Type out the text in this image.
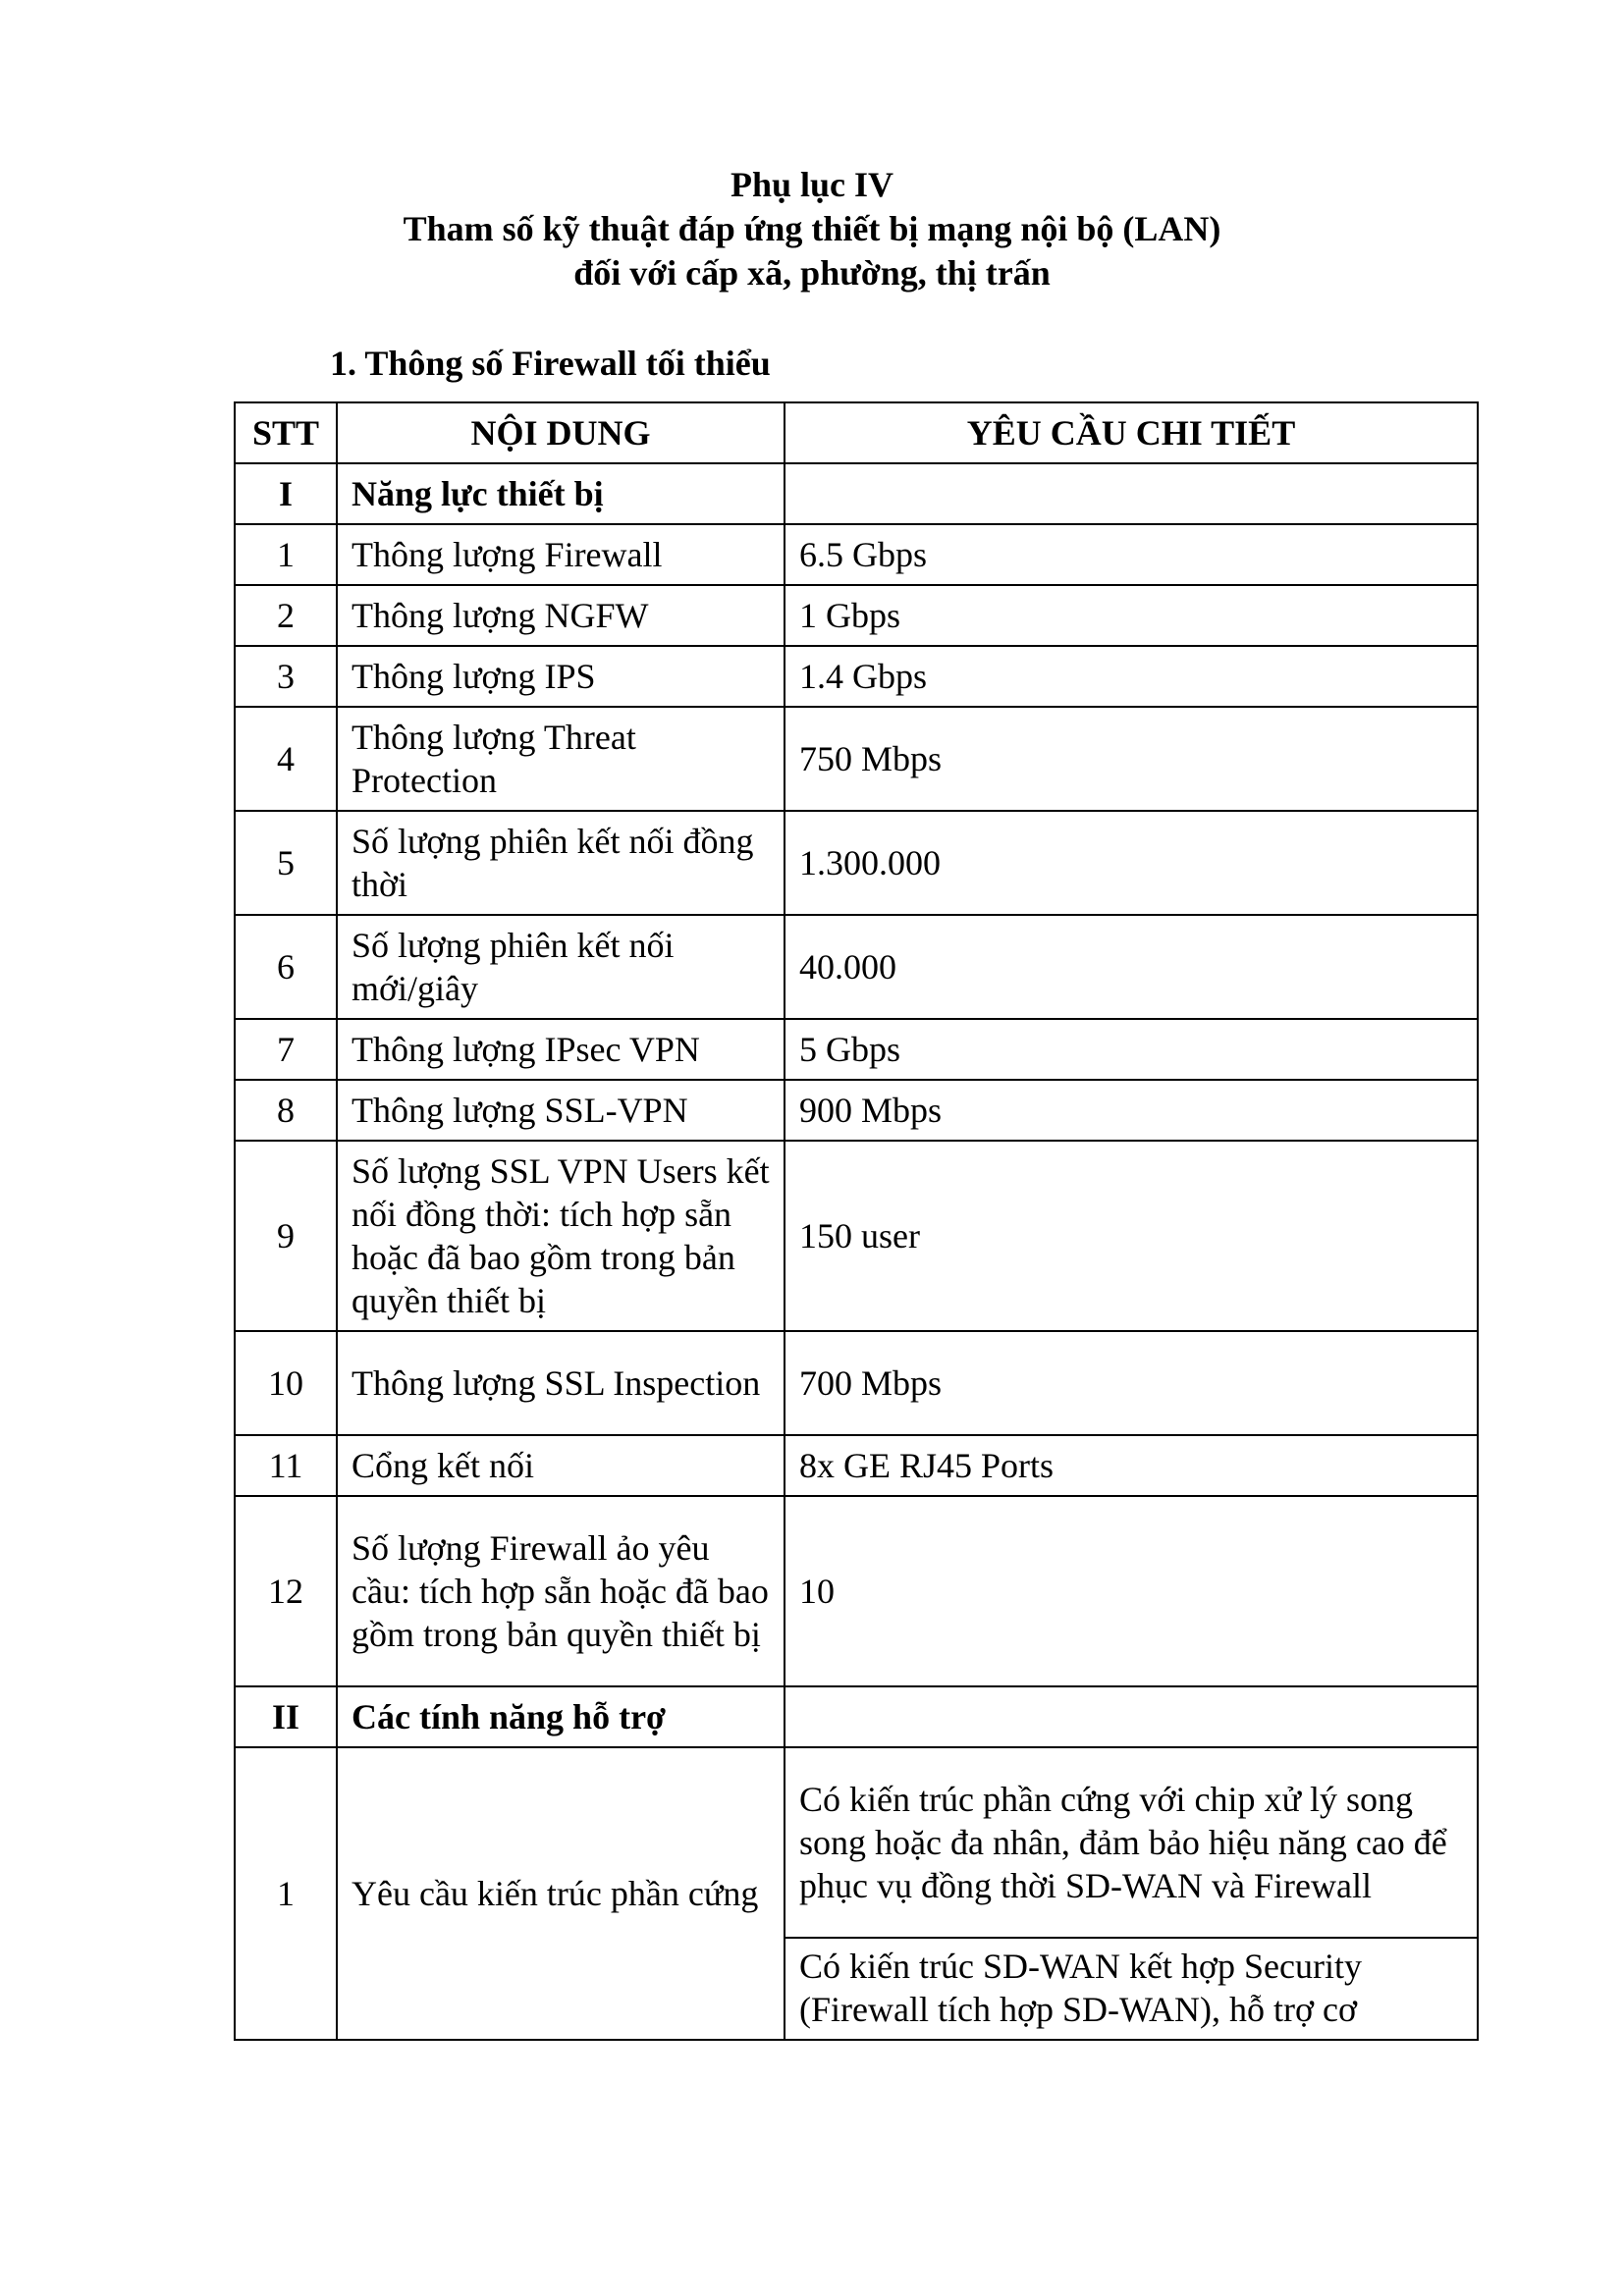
Phụ lục IV
Tham số kỹ thuật đáp ứng thiết bị mạng nội bộ (LAN)
đối với cấp xã, phường, thị trấn
1. Thông số Firewall tối thiểu
STT	NỘI DUNG	YÊU CẦU CHI TIẾT
I	Năng lực thiết bị	
1	Thông lượng Firewall	6.5 Gbps
2	Thông lượng NGFW	1 Gbps
3	Thông lượng IPS	1.4 Gbps
4	Thông lượng Threat Protection	750 Mbps
5	Số lượng phiên kết nối đồng thời	1.300.000
6	Số lượng phiên kết nối mới/giây	40.000
7	Thông lượng IPsec VPN	5 Gbps
8	Thông lượng SSL-VPN	900 Mbps
9	Số lượng SSL VPN Users kết nối đồng thời: tích hợp sẵn hoặc đã bao gồm trong bản quyền thiết bị	150 user
10	Thông lượng SSL Inspection	700 Mbps
11	Cổng kết nối	8x GE RJ45 Ports
12	Số lượng Firewall ảo yêu cầu: tích hợp sẵn hoặc đã bao gồm trong bản quyền thiết bị	10
II	Các tính năng hỗ trợ	
1	Yêu cầu kiến trúc phần cứng	Có kiến trúc phần cứng với chip xử lý song song hoặc đa nhân, đảm bảo hiệu năng cao để phục vụ đồng thời SD-WAN và Firewall
		Có kiến trúc SD-WAN kết hợp Security (Firewall tích hợp SD-WAN), hỗ trợ cơ
